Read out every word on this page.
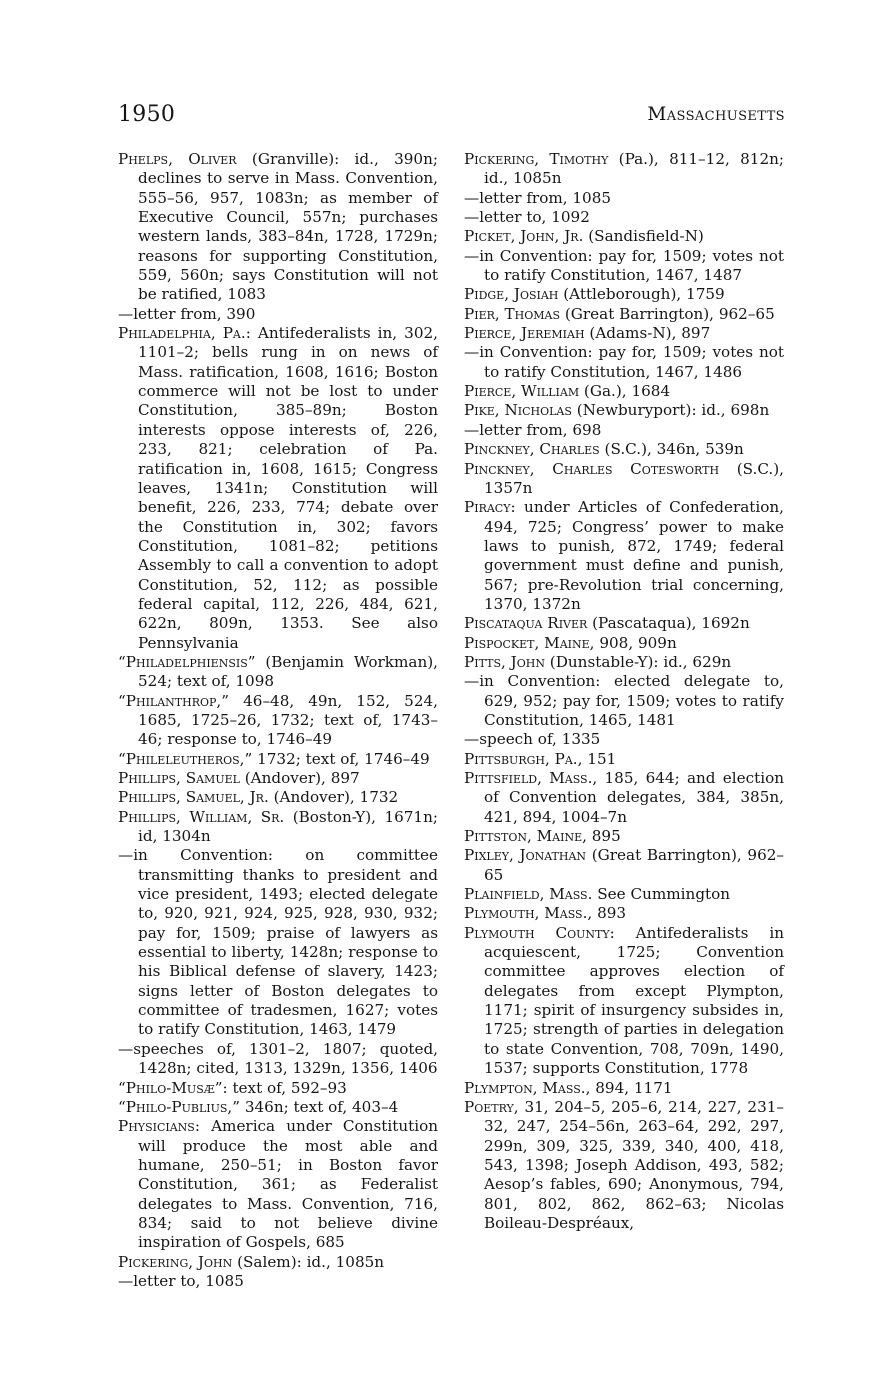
1950	Massachusetts

Phelps, Oliver (Granville): id., 390n; declines to serve in Mass. Convention, 555–56, 957, 1083n; as member of Executive Council, 557n; purchases western lands, 383–84n, 1728, 1729n; reasons for supporting Constitution, 559, 560n; says Constitution will not be ratified, 1083

—letter from, 390

Philadelphia, Pa.: Antifederalists in, 302, 1101–2; bells rung in on news of Mass. ratification, 1608, 1616; Boston commerce will not be lost to under Constitution, 385–89n; Boston interests oppose interests of, 226, 233, 821; celebration of Pa. ratification in, 1608, 1615; Congress leaves, 1341n; Constitution will benefit, 226, 233, 774; debate over the Constitution in, 302; favors Constitution, 1081–82; petitions Assembly to call a convention to adopt Constitution, 52, 112; as possible federal capital, 112, 226, 484, 621, 622n, 809n, 1353. See also Pennsylvania

“Philadelphiensis” (Benjamin Workman), 524; text of, 1098

“Philanthrop,” 46–48, 49n, 152, 524, 1685, 1725–26, 1732; text of, 1743–46; response to, 1746–49

“Phileleutheros,” 1732; text of, 1746–49

Phillips, Samuel (Andover), 897

Phillips, Samuel, Jr. (Andover), 1732

Phillips, William, Sr. (Boston-Y), 1671n; id, 1304n

—in Convention: on committee transmitting thanks to president and vice president, 1493; elected delegate to, 920, 921, 924, 925, 928, 930, 932; pay for, 1509; praise of lawyers as essential to liberty, 1428n; response to his Biblical defense of slavery, 1423; signs letter of Boston delegates to committee of tradesmen, 1627; votes to ratify Constitution, 1463, 1479

—speeches of, 1301–2, 1807; quoted, 1428n; cited, 1313, 1329n, 1356, 1406

“Philo-Musæ”: text of, 592–93

“Philo-Publius,” 346n; text of, 403–4

Physicians: America under Constitution will produce the most able and humane, 250–51; in Boston favor Constitution, 361; as Federalist delegates to Mass. Convention, 716, 834; said to not believe divine inspiration of Gospels, 685

Pickering, John (Salem): id., 1085n

—letter to, 1085

Pickering, Timothy (Pa.), 811–12, 812n; id., 1085n

—letter from, 1085

—letter to, 1092

Picket, John, Jr. (Sandisfield-N)

—in Convention: pay for, 1509; votes not to ratify Constitution, 1467, 1487

Pidge, Josiah (Attleborough), 1759

Pier, Thomas (Great Barrington), 962–65

Pierce, Jeremiah (Adams-N), 897

—in Convention: pay for, 1509; votes not to ratify Constitution, 1467, 1486

Pierce, William (Ga.), 1684

Pike, Nicholas (Newburyport): id., 698n

—letter from, 698

Pinckney, Charles (S.C.), 346n, 539n

Pinckney, Charles Cotesworth (S.C.), 1357n

Piracy: under Articles of Confederation, 494, 725; Congress’ power to make laws to punish, 872, 1749; federal government must define and punish, 567; pre-Revolution trial concerning, 1370, 1372n

Piscataqua River (Pascataqua), 1692n

Pispocket, Maine, 908, 909n

Pitts, John (Dunstable-Y): id., 629n

—in Convention: elected delegate to, 629, 952; pay for, 1509; votes to ratify Constitution, 1465, 1481

—speech of, 1335

Pittsburgh, Pa., 151

Pittsfield, Mass., 185, 644; and election of Convention delegates, 384, 385n, 421, 894, 1004–7n

Pittston, Maine, 895

Pixley, Jonathan (Great Barrington), 962–65

Plainfield, Mass. See Cummington

Plymouth, Mass., 893

Plymouth County: Antifederalists in acquiescent, 1725; Convention committee approves election of delegates from except Plympton, 1171; spirit of insurgency subsides in, 1725; strength of parties in delegation to state Convention, 708, 709n, 1490, 1537; supports Constitution, 1778

Plympton, Mass., 894, 1171

Poetry, 31, 204–5, 205–6, 214, 227, 231–32, 247, 254–56n, 263–64, 292, 297, 299n, 309, 325, 339, 340, 400, 418, 543, 1398; Joseph Addison, 493, 582; Aesop’s fables, 690; Anonymous, 794, 801, 802, 862, 862–63; Nicolas Boileau-Despréaux,
